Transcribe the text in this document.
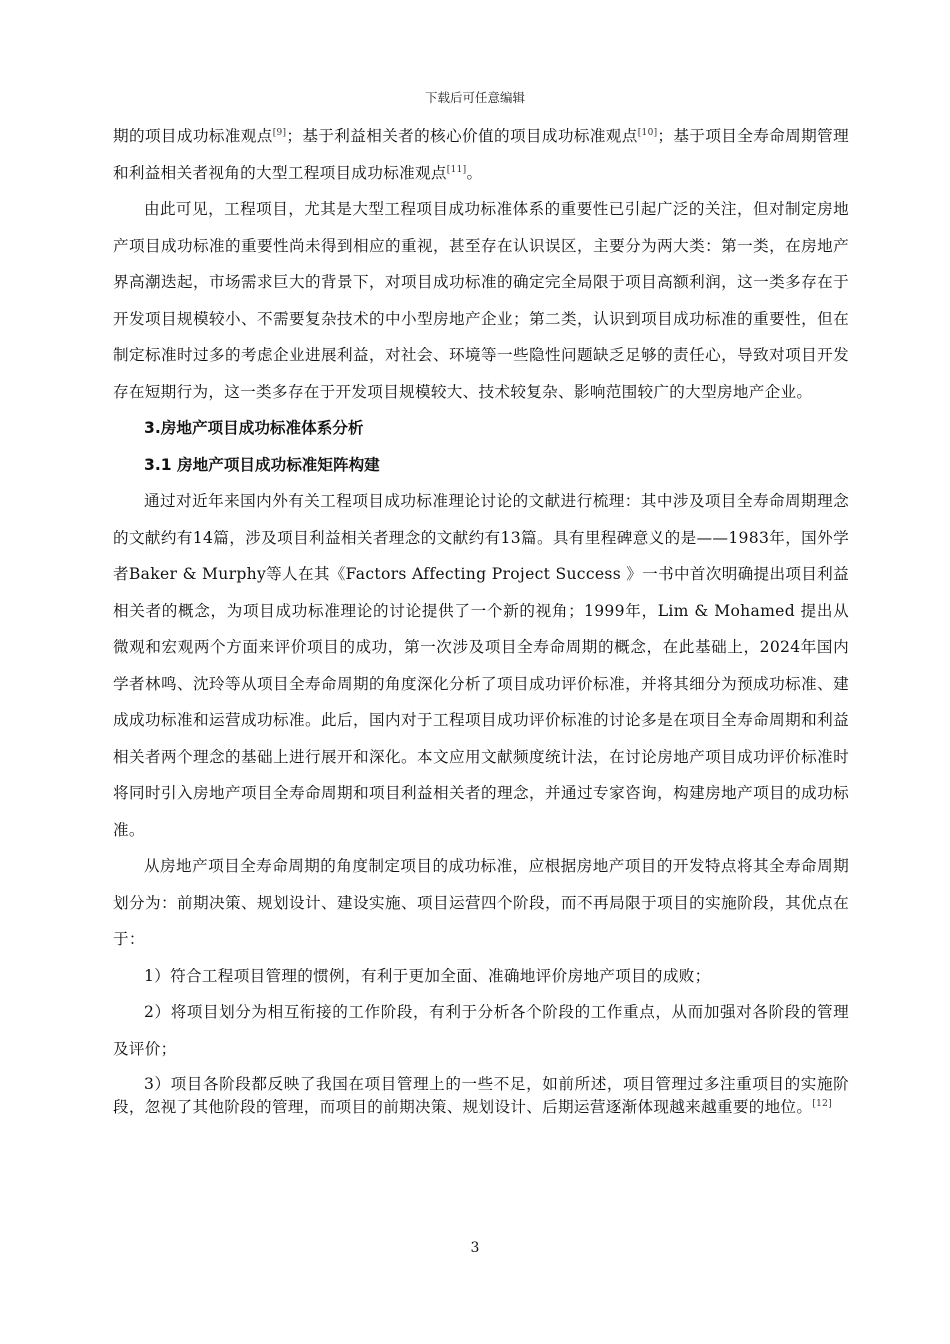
下载后可任意编辑

期的项目成功标准观点[9]；基于利益相关者的核心价值的项目成功标准观点[10]；基于项目全寿命周期管理和利益相关者视角的大型工程项目成功标准观点[11]。

由此可见，工程项目，尤其是大型工程项目成功标准体系的重要性已引起广泛的关注，但对制定房地产项目成功标准的重要性尚未得到相应的重视，甚至存在认识误区，主要分为两大类：第一类，在房地产界高潮迭起，市场需求巨大的背景下，对项目成功标准的确定完全局限于项目高额利润，这一类多存在于开发项目规模较小、不需要复杂技术的中小型房地产企业；第二类，认识到项目成功标准的重要性，但在制定标准时过多的考虑企业进展利益，对社会、环境等一些隐性问题缺乏足够的责任心，导致对项目开发存在短期行为，这一类多存在于开发项目规模较大、技术较复杂、影响范围较广的大型房地产企业。

3.房地产项目成功标准体系分析

3.1 房地产项目成功标准矩阵构建

通过对近年来国内外有关工程项目成功标准理论讨论的文献进行梳理：其中涉及项目全寿命周期理念的文献约有14篇，涉及项目利益相关者理念的文献约有13篇。具有里程碑意义的是——1983年，国外学者Baker & Murphy等人在其《Factors Affecting Project Success 》一书中首次明确提出项目利益相关者的概念，为项目成功标准理论的讨论提供了一个新的视角；1999年，Lim & Mohamed 提出从微观和宏观两个方面来评价项目的成功，第一次涉及项目全寿命周期的概念，在此基础上，2024年国内学者林鸣、沈玲等从项目全寿命周期的角度深化分析了项目成功评价标准，并将其细分为预成功标准、建成成功标准和运营成功标准。此后，国内对于工程项目成功评价标准的讨论多是在项目全寿命周期和利益相关者两个理念的基础上进行展开和深化。本文应用文献频度统计法，在讨论房地产项目成功评价标准时将同时引入房地产项目全寿命周期和项目利益相关者的理念，并通过专家咨询，构建房地产项目的成功标准。

从房地产项目全寿命周期的角度制定项目的成功标准，应根据房地产项目的开发特点将其全寿命周期划分为：前期决策、规划设计、建设实施、项目运营四个阶段，而不再局限于项目的实施阶段，其优点在于：

1）符合工程项目管理的惯例，有利于更加全面、准确地评价房地产项目的成败；

2）将项目划分为相互衔接的工作阶段，有利于分析各个阶段的工作重点，从而加强对各阶段的管理及评价；

3）项目各阶段都反映了我国在项目管理上的一些不足，如前所述，项目管理过多注重项目的实施阶段，忽视了其他阶段的管理，而项目的前期决策、规划设计、后期运营逐渐体现越来越重要的地位。[12]

3
